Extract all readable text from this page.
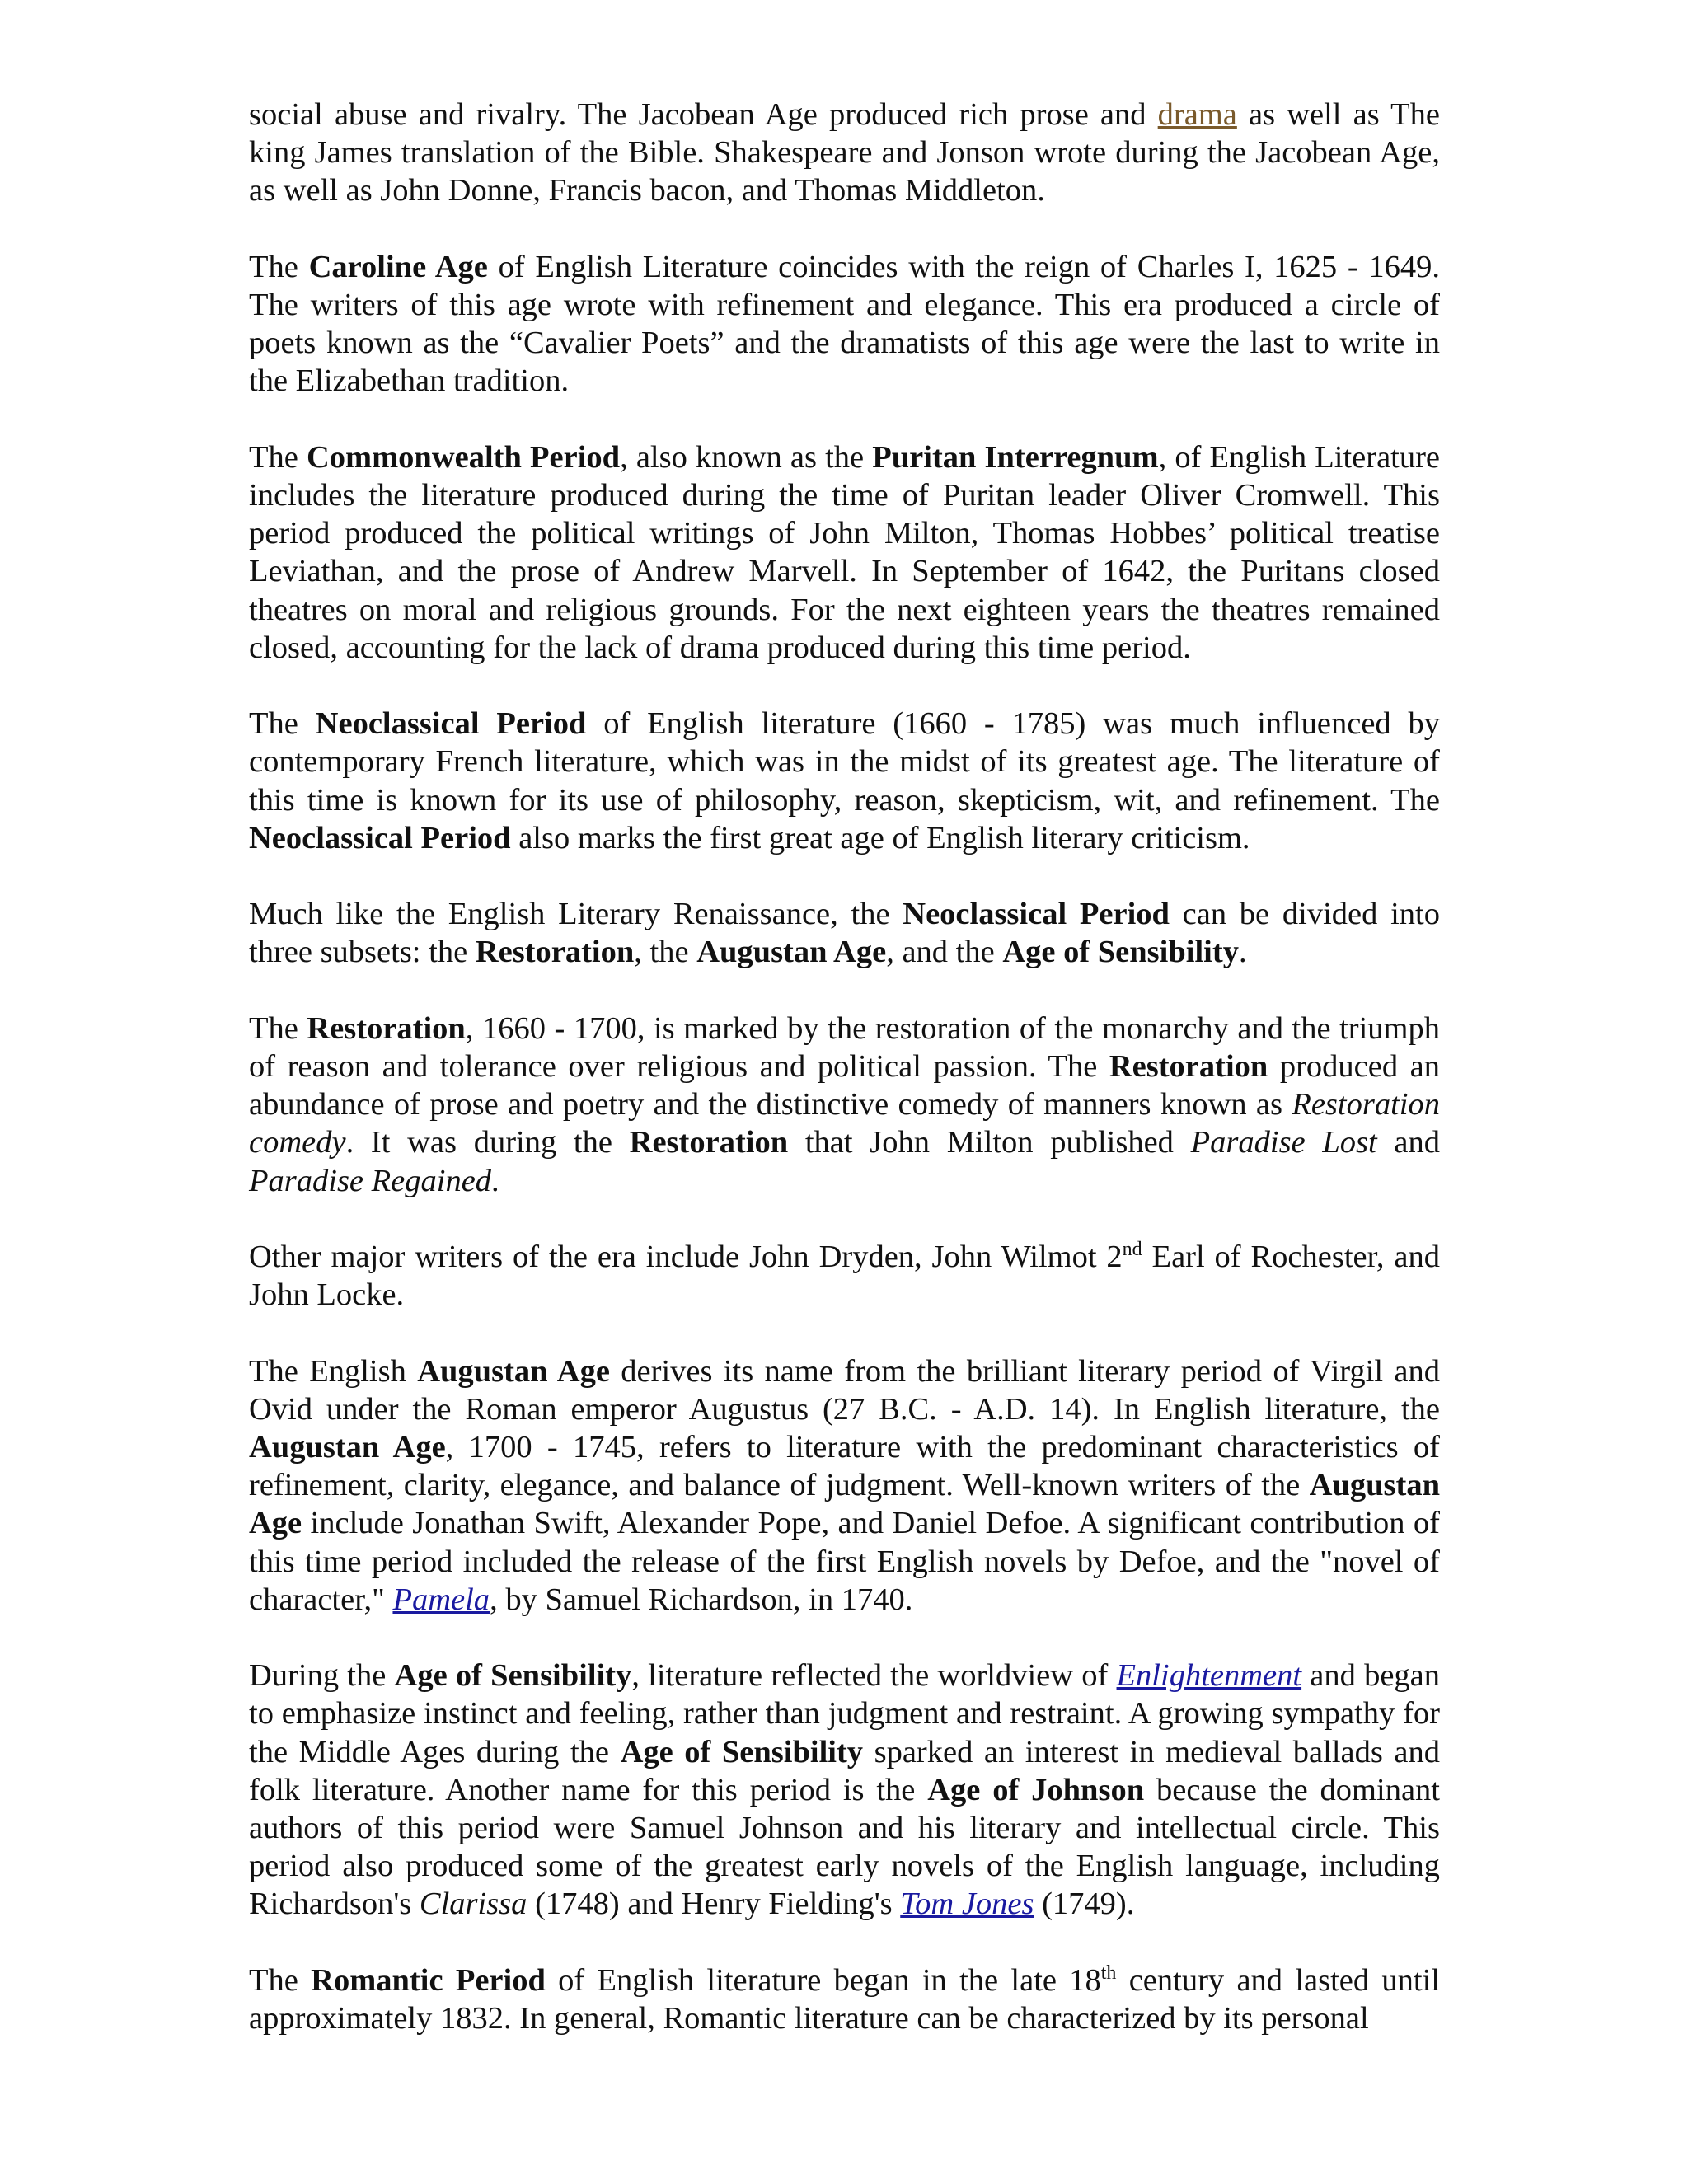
social abuse and rivalry. The Jacobean Age produced rich prose and drama as well as The king James translation of the Bible. Shakespeare and Jonson wrote during the Jacobean Age, as well as John Donne, Francis bacon, and Thomas Middleton.

The Caroline Age of English Literature coincides with the reign of Charles I, 1625 - 1649. The writers of this age wrote with refinement and elegance. This era produced a circle of poets known as the “Cavalier Poets” and the dramatists of this age were the last to write in the Elizabethan tradition.

The Commonwealth Period, also known as the Puritan Interregnum, of English Literature includes the literature produced during the time of Puritan leader Oliver Cromwell. This period produced the political writings of John Milton, Thomas Hobbes’ political treatise Leviathan, and the prose of Andrew Marvell. In September of 1642, the Puritans closed theatres on moral and religious grounds. For the next eighteen years the theatres remained closed, accounting for the lack of drama produced during this time period.

The Neoclassical Period of English literature (1660 - 1785) was much influenced by contemporary French literature, which was in the midst of its greatest age. The literature of this time is known for its use of philosophy, reason, skepticism, wit, and refinement. The Neoclassical Period also marks the first great age of English literary criticism.

Much like the English Literary Renaissance, the Neoclassical Period can be divided into three subsets: the Restoration, the Augustan Age, and the Age of Sensibility.

The Restoration, 1660 - 1700, is marked by the restoration of the monarchy and the triumph of reason and tolerance over religious and political passion. The Restoration produced an abundance of prose and poetry and the distinctive comedy of manners known as Restoration comedy. It was during the Restoration that John Milton published Paradise Lost and Paradise Regained.

Other major writers of the era include John Dryden, John Wilmot 2nd Earl of Rochester, and John Locke.

The English Augustan Age derives its name from the brilliant literary period of Virgil and Ovid under the Roman emperor Augustus (27 B.C. - A.D. 14). In English literature, the Augustan Age, 1700 - 1745, refers to literature with the predominant characteristics of refinement, clarity, elegance, and balance of judgment. Well-known writers of the Augustan Age include Jonathan Swift, Alexander Pope, and Daniel Defoe. A significant contribution of this time period included the release of the first English novels by Defoe, and the "novel of character," Pamela, by Samuel Richardson, in 1740.

During the Age of Sensibility, literature reflected the worldview of Enlightenment and began to emphasize instinct and feeling, rather than judgment and restraint. A growing sympathy for the Middle Ages during the Age of Sensibility sparked an interest in medieval ballads and folk literature. Another name for this period is the Age of Johnson because the dominant authors of this period were Samuel Johnson and his literary and intellectual circle. This period also produced some of the greatest early novels of the English language, including Richardson's Clarissa (1748) and Henry Fielding's Tom Jones (1749).

The Romantic Period of English literature began in the late 18th century and lasted until approximately 1832. In general, Romantic literature can be characterized by its personal
